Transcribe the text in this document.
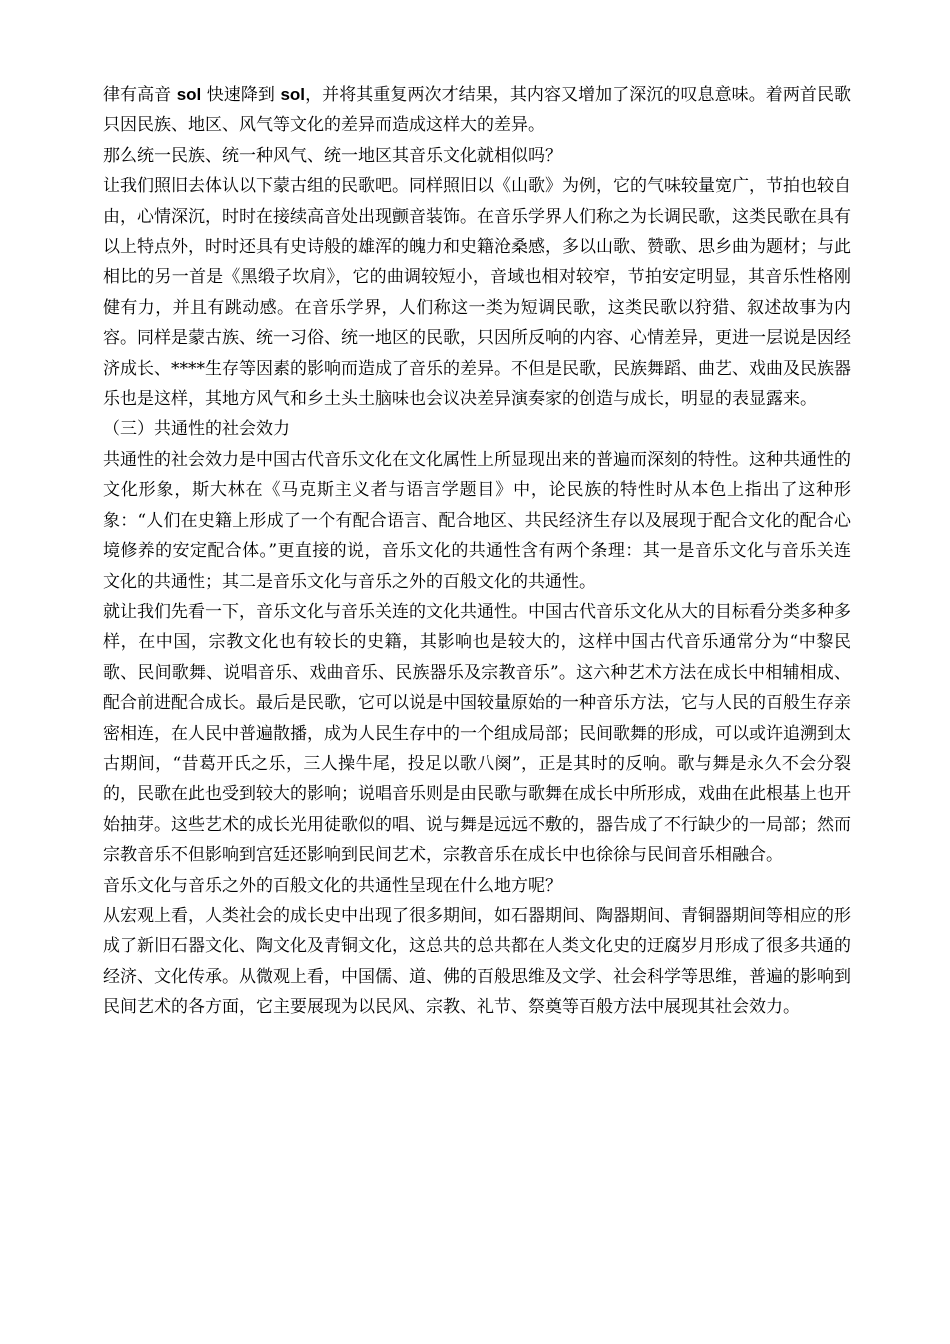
律有高音 sol 快速降到 sol，并将其重复两次才结果，其内容又增加了深沉的叹息意味。着两首民歌只因民族、地区、风气等文化的差异而造成这样大的差异。

那么统一民族、统一种风气、统一地区其音乐文化就相似吗？

让我们照旧去体认以下蒙古组的民歌吧。同样照旧以《山歌》为例，它的气味较量宽广，节拍也较自由，心情深沉，时时在接续高音处出现颤音装饰。在音乐学界人们称之为长调民歌，这类民歌在具有以上特点外，时时还具有史诗般的雄浑的魄力和史籍沧桑感，多以山歌、赞歌、思乡曲为题材；与此相比的另一首是《黑缎子坎肩》，它的曲调较短小，音域也相对较窄，节拍安定明显，其音乐性格刚健有力，并且有跳动感。在音乐学界，人们称这一类为短调民歌，这类民歌以狩猎、叙述故事为内容。同样是蒙古族、统一习俗、统一地区的民歌，只因所反响的内容、心情差异，更进一层说是因经济成长、****生存等因素的影响而造成了音乐的差异。不但是民歌，民族舞蹈、曲艺、戏曲及民族器乐也是这样，其地方风气和乡土头土脑味也会议决差异演奏家的创造与成长，明显的表显露来。

（三）共通性的社会效力

共通性的社会效力是中国古代音乐文化在文化属性上所显现出来的普遍而深刻的特性。这种共通性的文化形象，斯大林在《马克斯主义者与语言学题目》中，论民族的特性时从本色上指出了这种形象：“人们在史籍上形成了一个有配合语言、配合地区、共民经济生存以及展现于配合文化的配合心境修养的安定配合体。”更直接的说，音乐文化的共通性含有两个条理：其一是音乐文化与音乐关连文化的共通性；其二是音乐文化与音乐之外的百般文化的共通性。

就让我们先看一下，音乐文化与音乐关连的文化共通性。中国古代音乐文化从大的目标看分类多种多样，在中国，宗教文化也有较长的史籍，其影响也是较大的，这样中国古代音乐通常分为“中黎民歌、民间歌舞、说唱音乐、戏曲音乐、民族器乐及宗教音乐”。这六种艺术方法在成长中相辅相成、配合前进配合成长。最后是民歌，它可以说是中国较量原始的一种音乐方法，它与人民的百般生存亲密相连，在人民中普遍散播，成为人民生存中的一个组成局部；民间歌舞的形成，可以或许追溯到太古期间，“昔葛开氏之乐，三人操牛尾，投足以歌八阕”，正是其时的反响。歌与舞是永久不会分裂的，民歌在此也受到较大的影响；说唱音乐则是由民歌与歌舞在成长中所形成，戏曲在此根基上也开始抽芽。这些艺术的成长光用徒歌似的唱、说与舞是远远不敷的，器告成了不行缺少的一局部；然而宗教音乐不但影响到宫廷还影响到民间艺术，宗教音乐在成长中也徐徐与民间音乐相融合。

音乐文化与音乐之外的百般文化的共通性呈现在什么地方呢？

从宏观上看，人类社会的成长史中出现了很多期间，如石器期间、陶器期间、青铜器期间等相应的形成了新旧石器文化、陶文化及青铜文化，这总共的总共都在人类文化史的迂腐岁月形成了很多共通的经济、文化传承。从微观上看，中国儒、道、佛的百般思维及文学、社会科学等思维，普遍的影响到民间艺术的各方面，它主要展现为以民风、宗教、礼节、祭奠等百般方法中展现其社会效力。
